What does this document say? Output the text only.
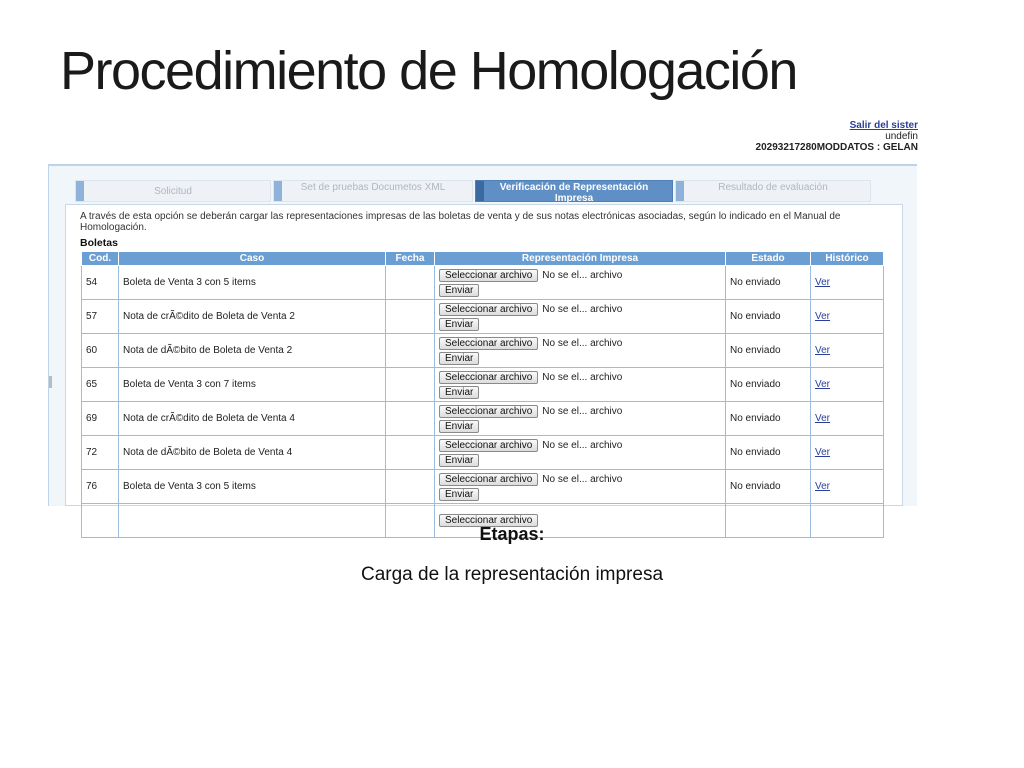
Procedimiento de Homologación
Salir del sister
undefin
20293217280MODDATOS : GELAN
Solicitud	Set de pruebas Documetos XML	Verificación de Representación Impresa
Resultado de evaluación
A través de esta opción se deberán cargar las representaciones impresas de las boletas de venta y de sus notas electrónicas asociadas, según lo indicado en el Manual de Homologación.
Boletas
Cod.	Caso	Fecha	Representación Impresa	Estado	Histórico
54	Boleta de Venta 3 con 5 items		Seleccionar archivo No se el... archivo
Enviar	No enviado	Ver
57	Nota de crÃ©dito de Boleta de Venta 2		Seleccionar archivo No se el... archivo
Enviar	No enviado	Ver
60	Nota de dÃ©bito de Boleta de Venta 2		Seleccionar archivo No se el... archivo
Enviar	No enviado	Ver
65	Boleta de Venta 3 con 7 items		Seleccionar archivo No se el... archivo
Enviar	No enviado	Ver
69	Nota de crÃ©dito de Boleta de Venta 4		Seleccionar archivo No se el... archivo
Enviar	No enviado	Ver
72	Nota de dÃ©bito de Boleta de Venta 4		Seleccionar archivo No se el... archivo
Enviar	No enviado	Ver
76	Boleta de Venta 3 con 5 items		Seleccionar archivo No se el... archivo
Enviar	No enviado	Ver
			Seleccionar archivo		
Etapas:
Carga de la representación impresa
